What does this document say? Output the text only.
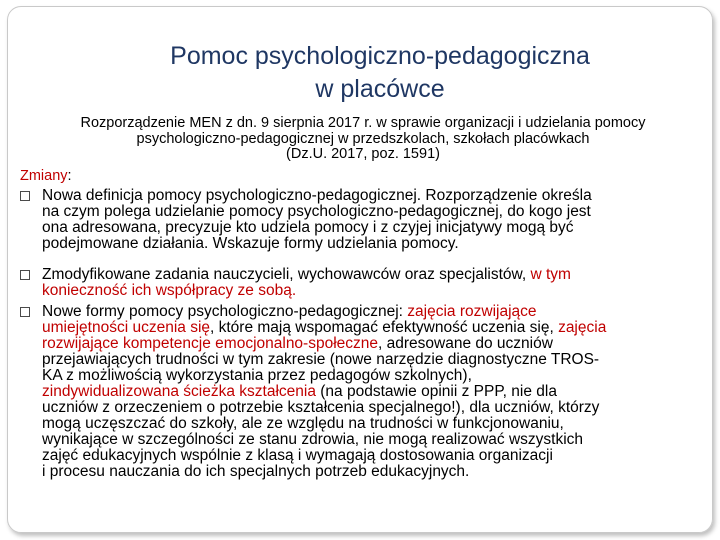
Pomoc psychologiczno-pedagogiczna
w placówce
Rozporządzenie MEN z dn. 9 sierpnia 2017 r. w sprawie organizacji i udzielania pomocy
psychologiczno-pedagogicznej w przedszkolach, szkołach placówkach
(Dz.U. 2017, poz. 1591)
Zmiany:
Nowa definicja pomocy psychologiczno-pedagogicznej. Rozporządzenie określa
na czym polega udzielanie pomocy psychologiczno-pedagogicznej, do kogo jest
ona adresowana, precyzuje kto udziela pomocy i z czyjej inicjatywy mogą być
podejmowane działania. Wskazuje formy udzielania pomocy.
Zmodyfikowane zadania nauczycieli, wychowawców oraz specjalistów, w tym
konieczność ich współpracy ze sobą.
Nowe formy pomocy psychologiczno-pedagogicznej: zajęcia rozwijające
umiejętności uczenia się, które mają wspomagać efektywność uczenia się, zajęcia
rozwijające kompetencje emocjonalno-społeczne, adresowane do uczniów
przejawiających trudności w tym zakresie (nowe narzędzie diagnostyczne TROS-
KA z możliwością wykorzystania przez pedagogów szkolnych),
zindywidualizowana ścieżka kształcenia (na podstawie opinii z PPP, nie dla
uczniów z orzeczeniem o potrzebie kształcenia specjalnego!), dla uczniów, którzy
mogą uczęszczać do szkoły, ale ze względu na trudności w funkcjonowaniu,
wynikające w szczególności ze stanu zdrowia, nie mogą realizować wszystkich
zajęć edukacyjnych wspólnie z klasą i wymagają dostosowania organizacji
i procesu nauczania do ich specjalnych potrzeb edukacyjnych.
